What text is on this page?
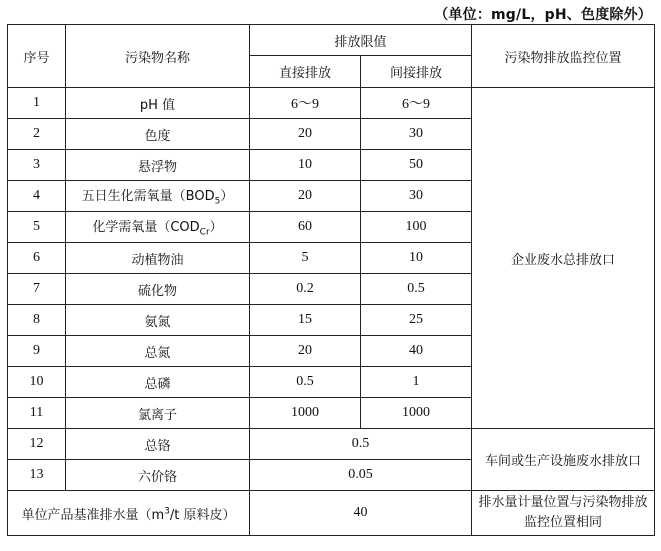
（单位：mg/L，pH、色度除外）
序号	污染物名称	排放限值		污染物排放监控位置
		直接排放	间接排放	
1	pH 值	6～9	6～9	企业废水总排放口
2	色度	20	30	
3	悬浮物	10	50	
4	五日生化需氧量$(BOD_5)$	20	30	
5	化学需氧量$(COD_{Cr})$	60	100	
6	动植物油	5	10	
7	硫化物	0.2	0.5	
8	氨氮	15	25	
9	总氮	20	40	
10	总磷	0.5	1	
11	氯离子	1000	1000	
12	总铬	0.5		车间或生产设施废水排放口
13	六价铬	0.05		
单位产品基准排水量（$m^3/t$ 原料皮）		40		排水量计量位置与污染物排放监控位置相同
